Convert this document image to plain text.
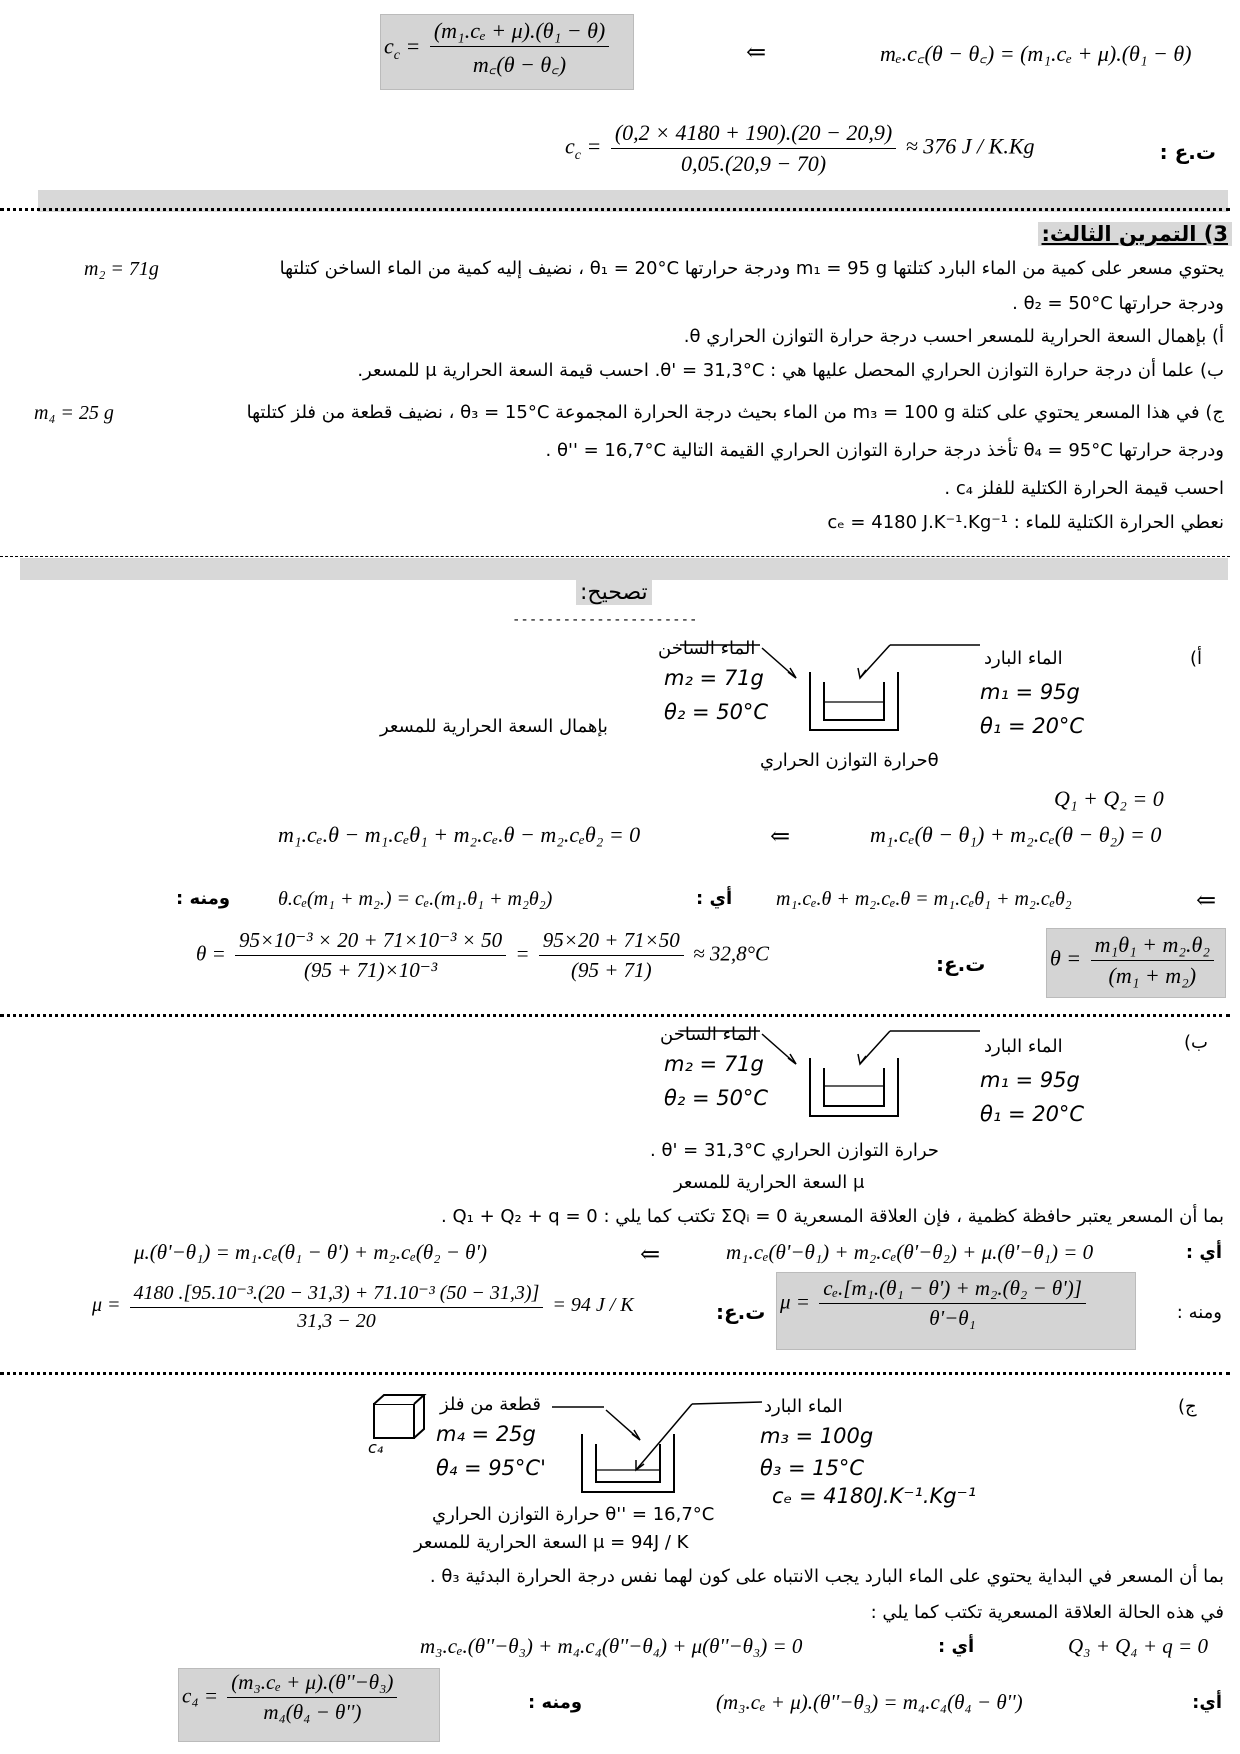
$c_c = \frac{\text{(m₁.cₑ + μ).(θ₁ − θ)}}{m꜀(\theta - \theta꜀)}$	⇐	mₑ.c꜀(θ − θ꜀) = (m₁.cₑ + μ).(θ₁ − θ)
ت.ع :
$c_c = \frac{(0,2 \times 4180 + 190).(20 - 20,9)}{0,05.(20,9 - 70)} \approx 376$ J / K.Kg
3) التمرين الثالث:
يحتوي مسعر على كمية من الماء البارد كتلتها m₁ = 95 g ودرجة حرارتها θ₁ = 20°C ، نضيف إليه كمية من الماء الساخن كتلتها
m₂ = 71g
ودرجة حرارتها θ₂ = 50°C .
أ) بإهمال السعة الحرارية للمسعر احسب درجة حرارة التوازن الحراري θ.
ب) علما أن درجة حرارة التوازن الحراري المحصل عليها هي : θ' = 31,3°C. احسب قيمة السعة الحرارية μ للمسعر.
ج) في هذا المسعر يحتوي على كتلة m₃ = 100 g من الماء بحيث درجة الحرارة المجموعة θ₃ = 15°C ، نضيف قطعة من فلز كتلتها
m₄ = 25 g
ودرجة حرارتها θ₄ = 95°C تأخذ درجة حرارة التوازن الحراري القيمة التالية θ'' = 16,7°C .
احسب قيمة الحرارة الكتلية للفلز c₄ .
نعطي الحرارة الكتلية للماء : cₑ = 4180 J.K⁻¹.Kg⁻¹
تصحيح:
----------------------
أ)
الماء الساخن
m₂ = 71g
θ₂ = 50°C
الماء البارد
m₁ = 95g
θ₁ = 20°C
بإهمال السعة الحرارية للمسعر
θحرارة التوازن الحراري
Q₁ + Q₂ = 0
m₁.cₑ(θ − θ₁) + m₂.cₑ(θ − θ₂) = 0
⇐
m₁.cₑ.θ − m₁.cₑθ₁ + m₂.cₑ.θ − m₂.cₑθ₂ = 0
⇐
m₁.cₑ.θ + m₂.cₑ.θ = m₁.cₑθ₁ + m₂.cₑθ₂
أي :
θ.cₑ(m₁ + m₂.) = cₑ.(m₁.θ₁ + m₂θ₂)
ومنه :
$\theta = \frac{\text{m₁θ₁ + m₂.θ₂}}{\text{(m₁ + m₂)}}$
ت.ع:
$\theta = \frac{\text{95×10⁻³ × 20 + 71×10⁻³ × 50}}{\text{(95 + 71)×10⁻³}} = \frac{95\times 20 + 71\times 50}{(95 + 71)} \approx 32,8^\circ C$
ب)
الماء الساخن
m₂ = 71g
θ₂ = 50°C
الماء البارد
m₁ = 95g
θ₁ = 20°C
حرارة التوازن الحراري θ' = 31,3°C .
μ السعة الحرارية للمسعر
بما أن المسعر يعتبر حافظة كظمية ، فإن العلاقة المسعرية ΣQᵢ = 0 تكتب كما يلي : Q₁ + Q₂ + q = 0 .
أي :
m₁.cₑ(θ'−θ₁) + m₂.cₑ(θ'−θ₂) + μ.(θ'−θ₁) = 0
⇐
μ.(θ'−θ₁) = m₁.cₑ(θ₁ − θ') + m₂.cₑ(θ₂ − θ')
ومنه :
$\mu = \frac{\text{cₑ.[m₁.(θ₁ − θ') + m₂.(θ₂ − θ')]}}{\text{θ'−θ₁}}$
ت.ع:
$\mu = \frac{\text{4180 .[95.10⁻³.(20 − 31,3) + 71.10⁻³ (50 − 31,3)]}}{31,3 - 20} = 94$ J / K
ج)
c₄
قطعة من فلز
m₄ = 25g
θ₄ = 95°C'
الماء البارد
m₃ = 100g
θ₃ = 15°C
cₑ = 4180J.K⁻¹.Kg⁻¹
θ'' = 16,7°C حرارة التوازن الحراري
μ = 94J / K السعة الحرارية للمسعر
بما أن المسعر في البداية يحتوي على الماء البارد يجب الانتباه على كون لهما نفس درجة الحرارة البدئية θ₃ .
في هذه الحالة العلاقة المسعرية تكتب كما يلي :
Q₃ + Q₄ + q = 0
أي :
m₃.cₑ.(θ''−θ₃) + m₄.c₄(θ''−θ₄) + μ(θ''−θ₃) = 0
أي:
(m₃.cₑ + μ).(θ''−θ₃) = m₄.c₄(θ₄ − θ'')
ومنه :
$c_4 = \frac{\text{(m₃.cₑ + μ).(θ''−θ₃)}}{\text{m₄(θ₄ − θ'')}}$
